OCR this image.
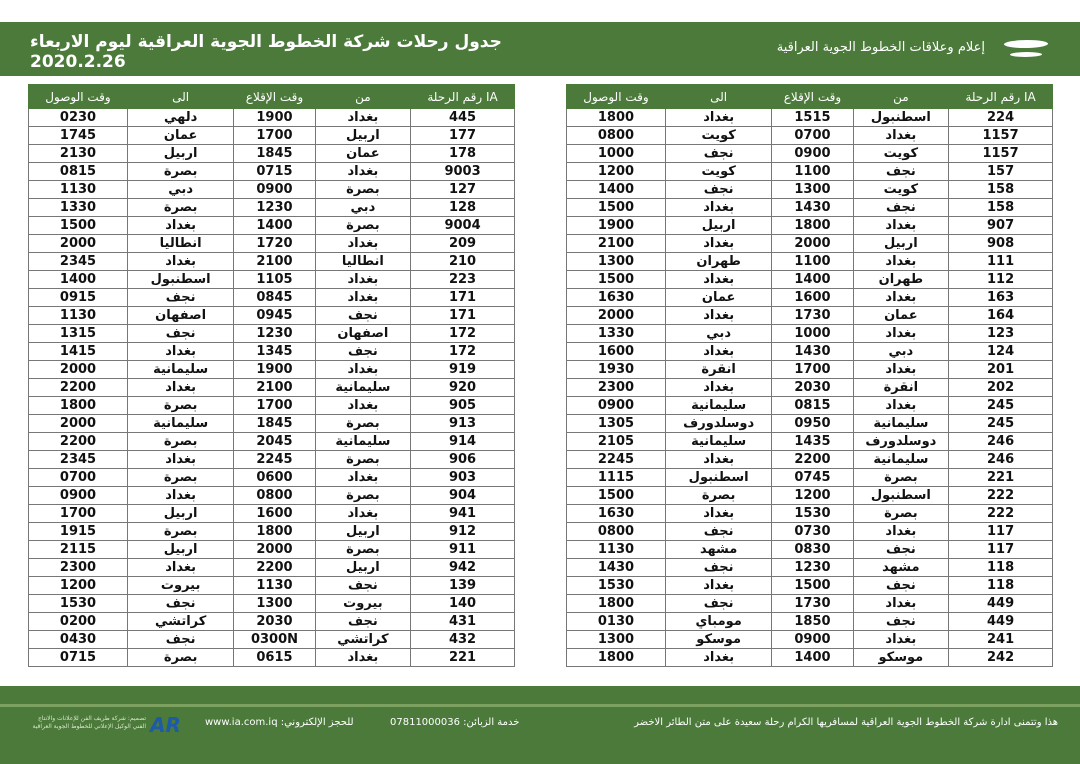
جدول رحلات شركة الخطوط الجوية العراقية ليوم الاربعاء 2020.2.26
إعلام وعلاقات الخطوط الجوية العراقية
وقت الوصول	الى	وقت الإقلاع	من	رقم الرحلة IA
0230	دلهي	1900	بغداد	445
1745	عمان	1700	اربيل	177
2130	اربيل	1845	عمان	178
0815	بصرة	0715	بغداد	9003
1130	دبي	0900	بصرة	127
1330	بصرة	1230	دبي	128
1500	بغداد	1400	بصرة	9004
2000	انطاليا	1720	بغداد	209
2345	بغداد	2100	انطاليا	210
1400	اسطنبول	1105	بغداد	223
0915	نجف	0845	بغداد	171
1130	اصفهان	0945	نجف	171
1315	نجف	1230	اصفهان	172
1415	بغداد	1345	نجف	172
2000	سليمانية	1900	بغداد	919
2200	بغداد	2100	سليمانية	920
1800	بصرة	1700	بغداد	905
2000	سليمانية	1845	بصرة	913
2200	بصرة	2045	سليمانية	914
2345	بغداد	2245	بصرة	906
0700	بصرة	0600	بغداد	903
0900	بغداد	0800	بصرة	904
1700	اربيل	1600	بغداد	941
1915	بصرة	1800	اربيل	912
2115	اربيل	2000	بصرة	911
2300	بغداد	2200	اربيل	942
1200	بيروت	1130	نجف	139
1530	نجف	1300	بيروت	140
0200	كراتشي	2030	نجف	431
0430	نجف	0300N	كراتشي	432
0715	بصرة	0615	بغداد	221
وقت الوصول	الى	وقت الإقلاع	من	رقم الرحلة IA
1800	بغداد	1515	اسطنبول	224
0800	كويت	0700	بغداد	1157
1000	نجف	0900	كويت	1157
1200	كويت	1100	نجف	157
1400	نجف	1300	كويت	158
1500	بغداد	1430	نجف	158
1900	اربيل	1800	بغداد	907
2100	بغداد	2000	اربيل	908
1300	طهران	1100	بغداد	111
1500	بغداد	1400	طهران	112
1630	عمان	1600	بغداد	163
2000	بغداد	1730	عمان	164
1330	دبي	1000	بغداد	123
1600	بغداد	1430	دبي	124
1930	انقرة	1700	بغداد	201
2300	بغداد	2030	انقرة	202
0900	سليمانية	0815	بغداد	245
1305	دوسلدورف	0950	سليمانية	245
2105	سليمانية	1435	دوسلدورف	246
2245	بغداد	2200	سليمانية	246
1115	اسطنبول	0745	بصرة	221
1500	بصرة	1200	اسطنبول	222
1630	بغداد	1530	بصرة	222
0800	نجف	0730	بغداد	117
1130	مشهد	0830	نجف	117
1430	نجف	1230	مشهد	118
1530	بغداد	1500	نجف	118
1800	نجف	1730	بغداد	449
0130	مومباي	1850	نجف	449
1300	موسكو	0900	بغداد	241
1800	بغداد	1400	موسكو	242
هذا وتتمنى ادارة شركة الخطوط الجوية العراقية لمسافريها الكرام رحلة سعيدة على متن الطائر الاخضر
خدمة الزبائن: 07811000036
للحجز الإلكتروني: www.ia.com.iq
AR
تصميم: شركة طريف الفن للإعلانات والانتاج الفني الوكيل الإعلاني للخطوط الجوية العراقية
